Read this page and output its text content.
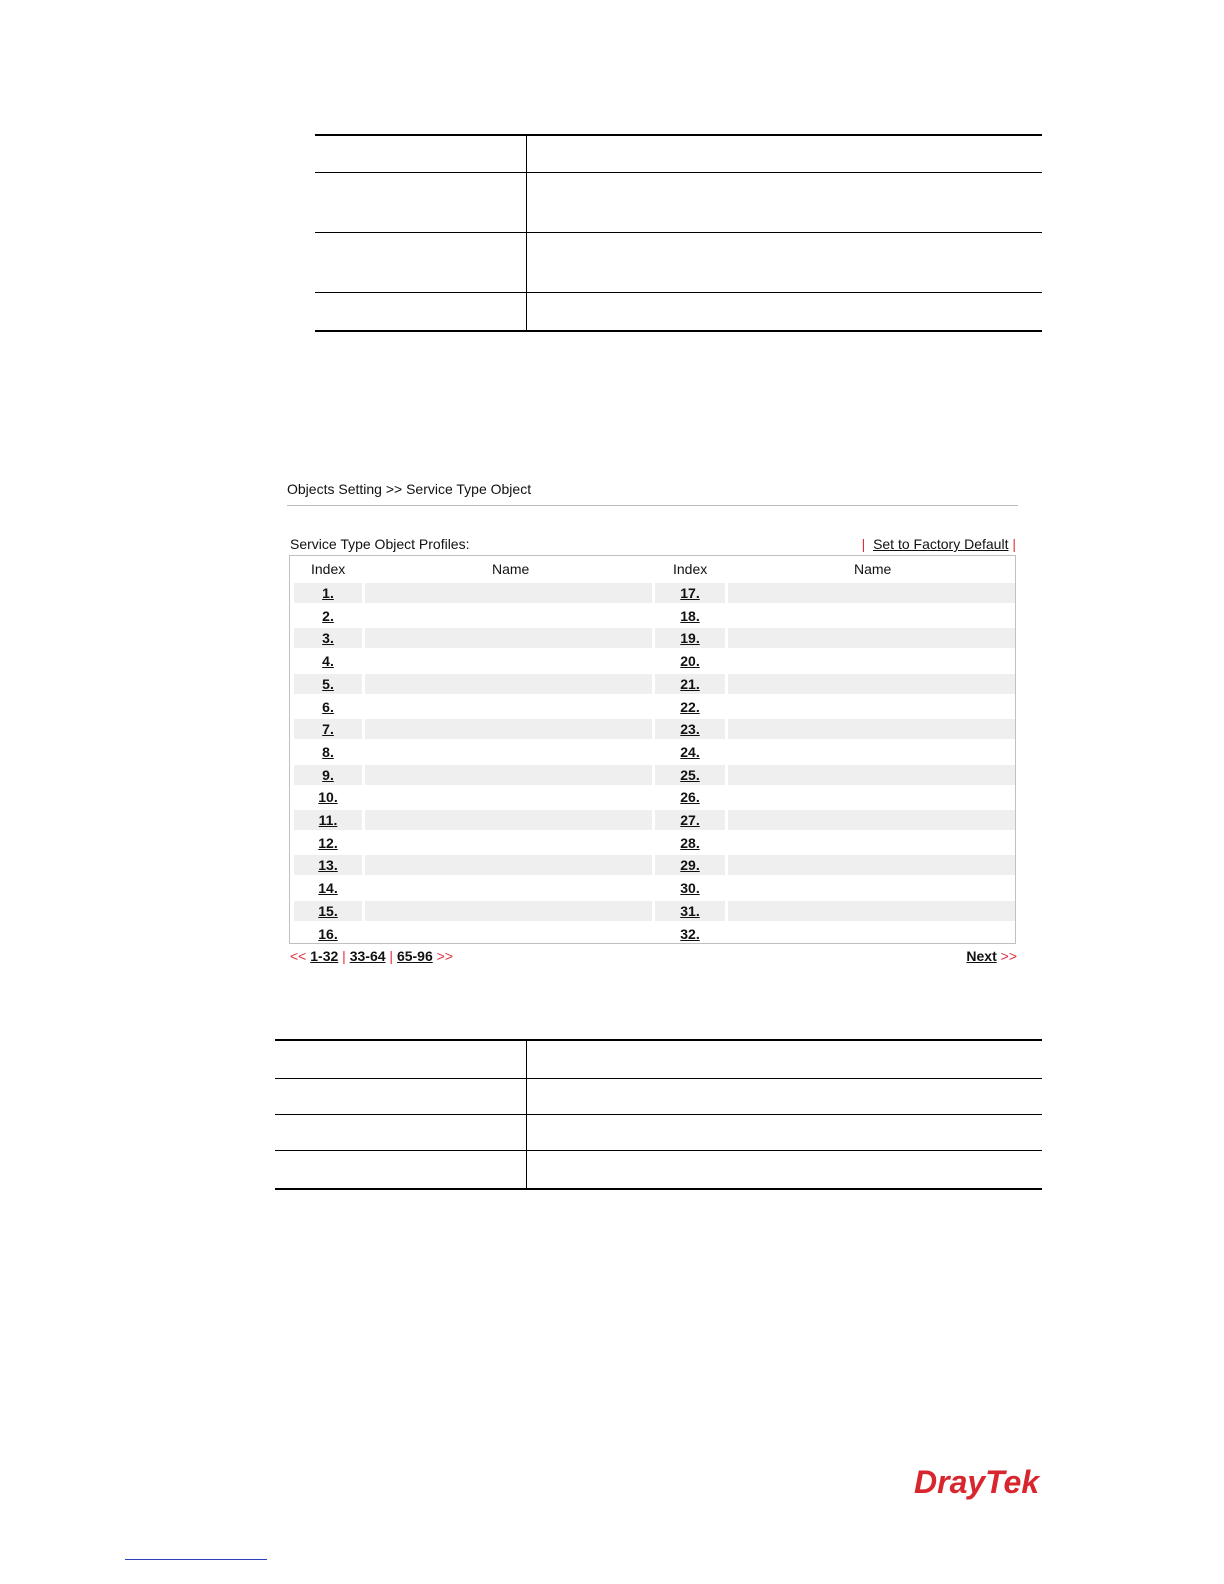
Objects Setting >> Service Type Object
Service Type Object Profiles:	|  Set to Factory Default |
Index	Name	Index	Name
1.	17.
2.	18.
3.	19.
4.	20.
5.	21.
6.	22.
7.	23.
8.	24.
9.	25.
10.	26.
11.	27.
12.	28.
13.	29.
14.	30.
15.	31.
16.	32.
<< 1-32 | 33-64 | 65-96 >>	Next >>
DrayTek
